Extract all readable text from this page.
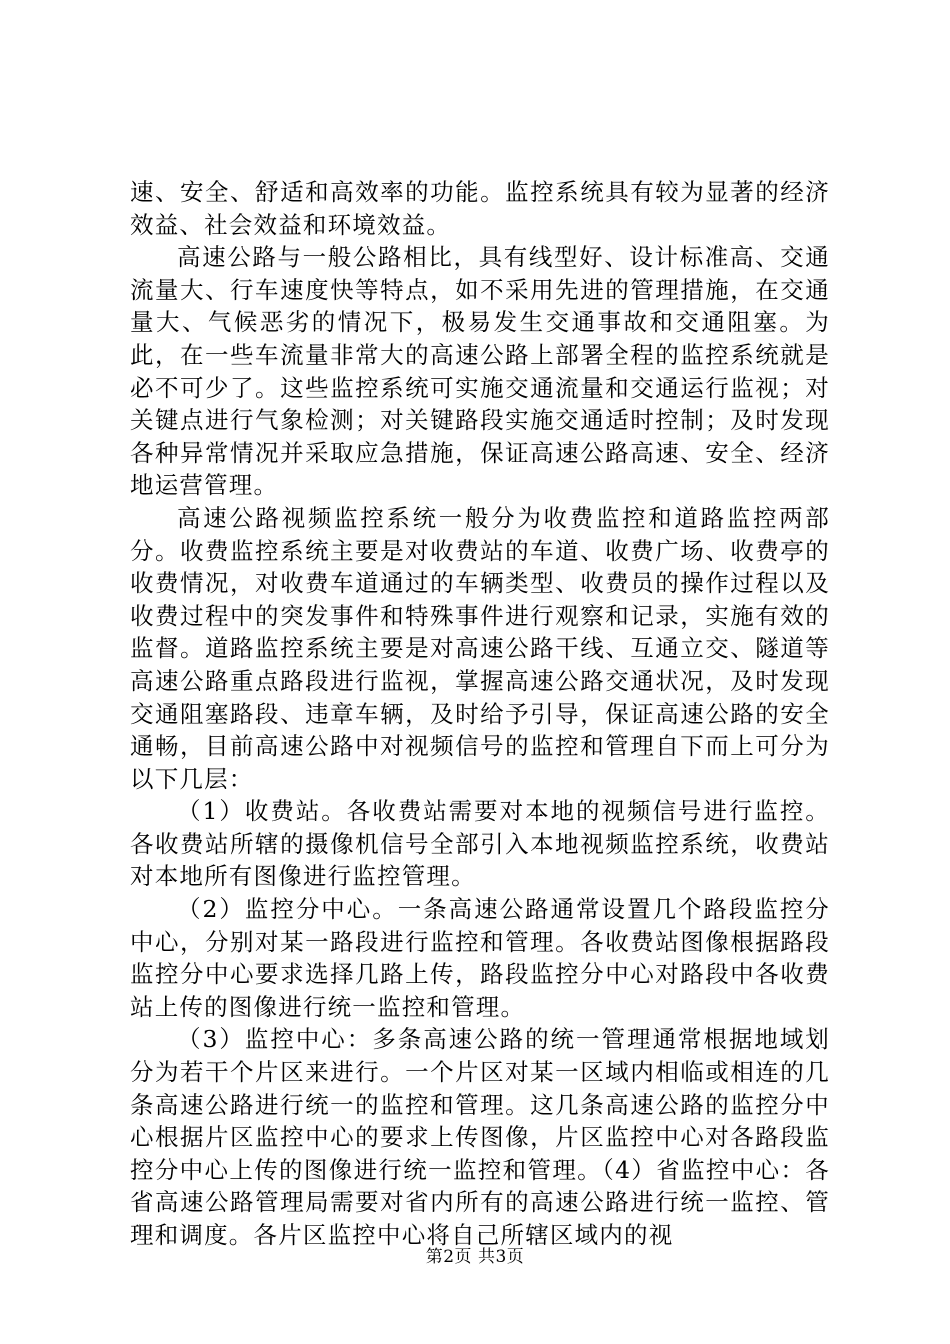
速、安全、舒适和高效率的功能。监控系统具有较为显著的经济效益、社会效益和环境效益。

高速公路与一般公路相比，具有线型好、设计标准高、交通流量大、行车速度快等特点，如不采用先进的管理措施，在交通量大、气候恶劣的情况下，极易发生交通事故和交通阻塞。为此，在一些车流量非常大的高速公路上部署全程的监控系统就是必不可少了。这些监控系统可实施交通流量和交通运行监视；对关键点进行气象检测；对关键路段实施交通适时控制；及时发现各种异常情况并采取应急措施，保证高速公路高速、安全、经济地运营管理。

高速公路视频监控系统一般分为收费监控和道路监控两部分。收费监控系统主要是对收费站的车道、收费广场、收费亭的收费情况，对收费车道通过的车辆类型、收费员的操作过程以及收费过程中的突发事件和特殊事件进行观察和记录，实施有效的监督。道路监控系统主要是对高速公路干线、互通立交、隧道等高速公路重点路段进行监视，掌握高速公路交通状况，及时发现交通阻塞路段、违章车辆，及时给予引导，保证高速公路的安全通畅，目前高速公路中对视频信号的监控和管理自下而上可分为以下几层：

（1）收费站。各收费站需要对本地的视频信号进行监控。各收费站所辖的摄像机信号全部引入本地视频监控系统，收费站对本地所有图像进行监控管理。

（2）监控分中心。一条高速公路通常设置几个路段监控分中心，分别对某一路段进行监控和管理。各收费站图像根据路段监控分中心要求选择几路上传，路段监控分中心对路段中各收费站上传的图像进行统一监控和管理。

（3）监控中心：多条高速公路的统一管理通常根据地域划分为若干个片区来进行。一个片区对某一区域内相临或相连的几条高速公路进行统一的监控和管理。这几条高速公路的监控分中心根据片区监控中心的要求上传图像，片区监控中心对各路段监控分中心上传的图像进行统一监控和管理。（4）省监控中心：各省高速公路管理局需要对省内所有的高速公路进行统一监控、管理和调度。各片区监控中心将自己所辖区域内的视

第2页 共3页
